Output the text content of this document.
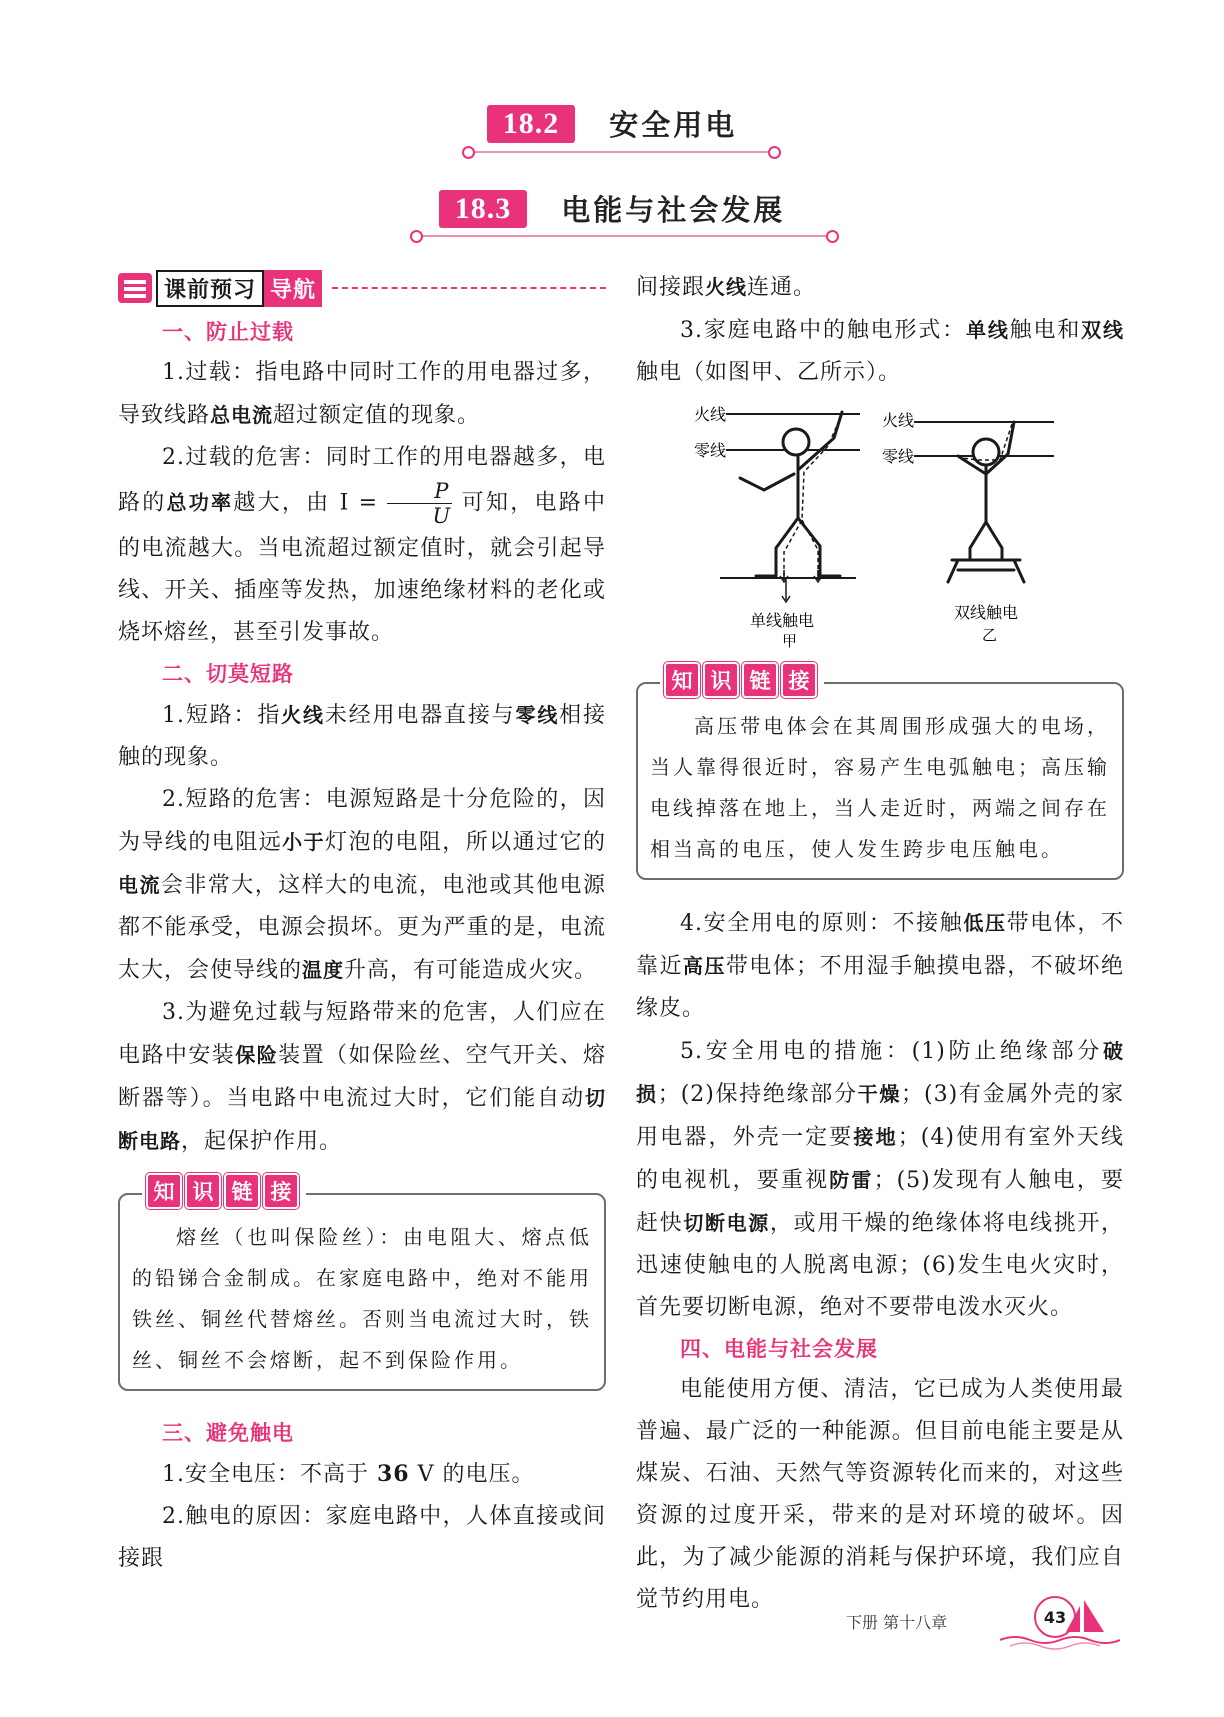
18.2	安全用电
18.3	电能与社会发展
课前预习 导航

一、防止过载

1.过载：指电路中同时工作的用电器过多，导致线路总电流超过额定值的现象。

2.过载的危害：同时工作的用电器越多，电路的总功率越大，由 $I = \frac{P}{U}$ 可知，电路中的电流越大。当电流超过额定值时，就会引起导线、开关、插座等发热，加速绝缘材料的老化或烧坏熔丝，甚至引发事故。

二、切莫短路

1.短路：指火线未经用电器直接与零线相接触的现象。

2.短路的危害：电源短路是十分危险的，因为导线的电阻远小于灯泡的电阻，所以通过它的电流会非常大，这样大的电流，电池或其他电源都不能承受，电源会损坏。更为严重的是，电流太大，会使导线的温度升高，有可能造成火灾。

3.为避免过载与短路带来的危害，人们应在电路中安装保险装置（如保险丝、空气开关、熔断器等）。当电路中电流过大时，它们能自动切断电路，起保护作用。

知 识 链 接

熔丝（也叫保险丝）：由电阻大、熔点低的铅锑合金制成。在家庭电路中，绝对不能用铁丝、铜丝代替熔丝。否则当电流过大时，铁丝、铜丝不会熔断，起不到保险作用。

三、避免触电

1.安全电压：不高于 36 V 的电压。

2.触电的原因：家庭电路中，人体直接或间接跟

间接跟火线连通。

3.家庭电路中的触电形式：单线触电和双线触电（如图甲、乙所示）。

火线
零线
单线触电
甲
火线
零线
双线触电
乙
知 识 链 接

高压带电体会在其周围形成强大的电场，当人靠得很近时，容易产生电弧触电；高压输电线掉落在地上，当人走近时，两端之间存在相当高的电压，使人发生跨步电压触电。

4.安全用电的原则：不接触低压带电体，不靠近高压带电体；不用湿手触摸电器，不破坏绝缘皮。

5.安全用电的措施：(1)防止绝缘部分破损；(2)保持绝缘部分干燥；(3)有金属外壳的家用电器，外壳一定要接地；(4)使用有室外天线的电视机，要重视防雷；(5)发现有人触电，要赶快切断电源，或用干燥的绝缘体将电线挑开，迅速使触电的人脱离电源；(6)发生电火灾时，首先要切断电源，绝对不要带电泼水灭火。

四、电能与社会发展

电能使用方便、清洁，它已成为人类使用最普遍、最广泛的一种能源。但目前电能主要是从煤炭、石油、天然气等资源转化而来的，对这些资源的过度开采，带来的是对环境的破坏。因此，为了减少能源的消耗与保护环境，我们应自觉节约用电。

下册 第十八章	43
